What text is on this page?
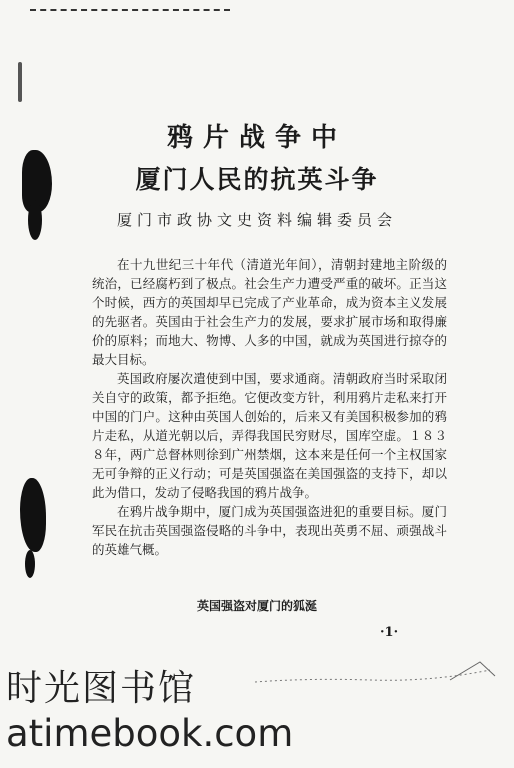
鸦片战争中
厦门人民的抗英斗争
厦门市政协文史资料编辑委员会

在十九世纪三十年代（清道光年间），清朝封建地主阶级的统治，已经腐朽到了极点。社会生产力遭受严重的破坏。正当这个时候，西方的英国却早已完成了产业革命，成为资本主义发展的先驱者。英国由于社会生产力的发展，要求扩展市场和取得廉价的原料；而地大、物博、人多的中国，就成为英国进行掠夺的最大目标。

英国政府屡次遣使到中国，要求通商。清朝政府当时采取闭关自守的政策，都予拒绝。它便改变方针，利用鸦片走私来打开中国的门户。这种由英国人创始的，后来又有美国积极参加的鸦片走私，从道光朝以后，弄得我国民穷财尽，国库空虚。１８３８年，两广总督林则徐到广州禁烟，这本来是任何一个主权国家无可争辩的正义行动；可是英国强盗在美国强盗的支持下，却以此为借口，发动了侵略我国的鸦片战争。

在鸦片战争期中，厦门成为英国强盗进犯的重要目标。厦门军民在抗击英国强盗侵略的斗争中，表现出英勇不屈、顽强战斗的英雄气概。

英国强盗对厦门的狐涎
·1·
时光图书馆
atimebook.com
